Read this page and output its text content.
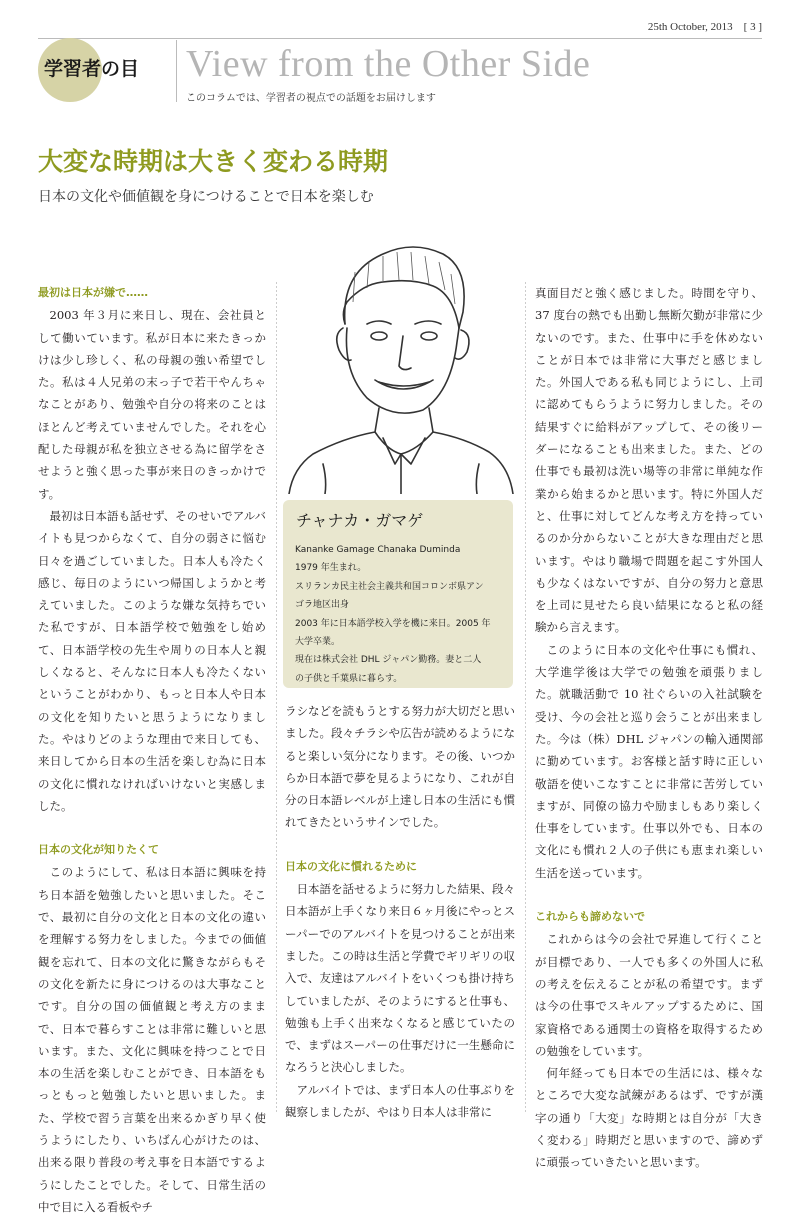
25th October, 2013　[ 3 ]
学習者の目 View from the Other Side
このコラムでは、学習者の視点での話題をお届けします
大変な時期は大きく変わる時期
日本の文化や価値観を身につけることで日本を楽しむ
最初は日本が嫌で……

2003 年３月に来日し、現在、会社員として働いています。私が日本に来たきっかけは少し珍しく、私の母親の強い希望でした。私は４人兄弟の末っ子で若干やんちゃなことがあり、勉強や自分の将来のことはほとんど考えていませんでした。それを心配した母親が私を独立させる為に留学をさせようと強く思った事が来日のきっかけです。

最初は日本語も話せず、そのせいでアルバイトも見つからなくて、自分の弱さに悩む日々を過ごしていました。日本人も冷たく感じ、毎日のようにいつ帰国しようかと考えていました。このような嫌な気持ちでいた私ですが、日本語学校で勉強をし始めて、日本語学校の先生や周りの日本人と親しくなると、そんなに日本人も冷たくないということがわかり、もっと日本人や日本の文化を知りたいと思うようになりました。やはりどのような理由で来日しても、来日してから日本の生活を楽しむ為に日本の文化に慣れなければいけないと実感しました。

日本の文化が知りたくて

このようにして、私は日本語に興味を持ち日本語を勉強したいと思いました。そこで、最初に自分の文化と日本の文化の違いを理解する努力をしました。今までの価値観を忘れて、日本の文化に驚きながらもその文化を新たに身につけるのは大事なことです。自分の国の価値観と考え方のままで、日本で暮らすことは非常に難しいと思います。また、文化に興味を持つことで日本の生活を楽しむことができ、日本語をもっともっと勉強したいと思いました。また、学校で習う言葉を出来るかぎり早く使うようにしたり、いちばん心がけたのは、出来る限り普段の考え事を日本語でするようにしたことでした。そして、日常生活の中で目に入る看板やチ

チャナカ・ガマゲ
Kananke Gamage Chanaka Duminda
1979 年生まれ。
スリランカ民主社会主義共和国コロンボ県アン
ゴラ地区出身
2003 年に日本語学校入学を機に来日。2005 年
大学卒業。
現在は株式会社 DHL ジャパン勤務。妻と二人
の子供と千葉県に暮らす。

ラシなどを読もうとする努力が大切だと思いました。段々チラシや広告が読めるようになると楽しい気分になります。その後、いつからか日本語で夢を見るようになり、これが自分の日本語レベルが上達し日本の生活にも慣れてきたというサインでした。

日本の文化に慣れるために

日本語を話せるように努力した結果、段々日本語が上手くなり来日６ヶ月後にやっとスーパーでのアルバイトを見つけることが出来ました。この時は生活と学費でギリギリの収入で、友達はアルバイトをいくつも掛け持ちしていましたが、そのようにすると仕事も、勉強も上手く出来なくなると感じていたので、まずはスーパーの仕事だけに一生懸命になろうと決心しました。

アルバイトでは、まず日本人の仕事ぶりを観察しましたが、やはり日本人は非常に

真面目だと強く感じました。時間を守り、37 度台の熱でも出勤し無断欠勤が非常に少ないのです。また、仕事中に手を休めないことが日本では非常に大事だと感じました。外国人である私も同じようにし、上司に認めてもらうように努力しました。その結果すぐに給料がアップして、その後リーダーになることも出来ました。また、どの仕事でも最初は洗い場等の非常に単純な作業から始まるかと思います。特に外国人だと、仕事に対してどんな考え方を持っているのか分からないことが大きな理由だと思います。やはり職場で問題を起こす外国人も少なくはないですが、自分の努力と意思を上司に見せたら良い結果になると私の経験から言えます。

このように日本の文化や仕事にも慣れ、大学進学後は大学での勉強を頑張りました。就職活動で 10 社ぐらいの入社試験を受け、今の会社と巡り会うことが出来ました。今は（株）DHL ジャパンの輸入通関部に勤めています。お客様と話す時に正しい敬語を使いこなすことに非常に苦労していますが、同僚の協力や励ましもあり楽しく仕事をしています。仕事以外でも、日本の文化にも慣れ２人の子供にも恵まれ楽しい生活を送っています。

これからも諦めないで

これからは今の会社で昇進して行くことが目標であり、一人でも多くの外国人に私の考えを伝えることが私の希望です。まずは今の仕事でスキルアップするために、国家資格である通関士の資格を取得するための勉強をしています。

何年経っても日本での生活には、様々なところで大変な試練があるはず、ですが漢字の通り「大変」な時期とは自分が「大きく変わる」時期だと思いますので、諦めずに頑張っていきたいと思います。
